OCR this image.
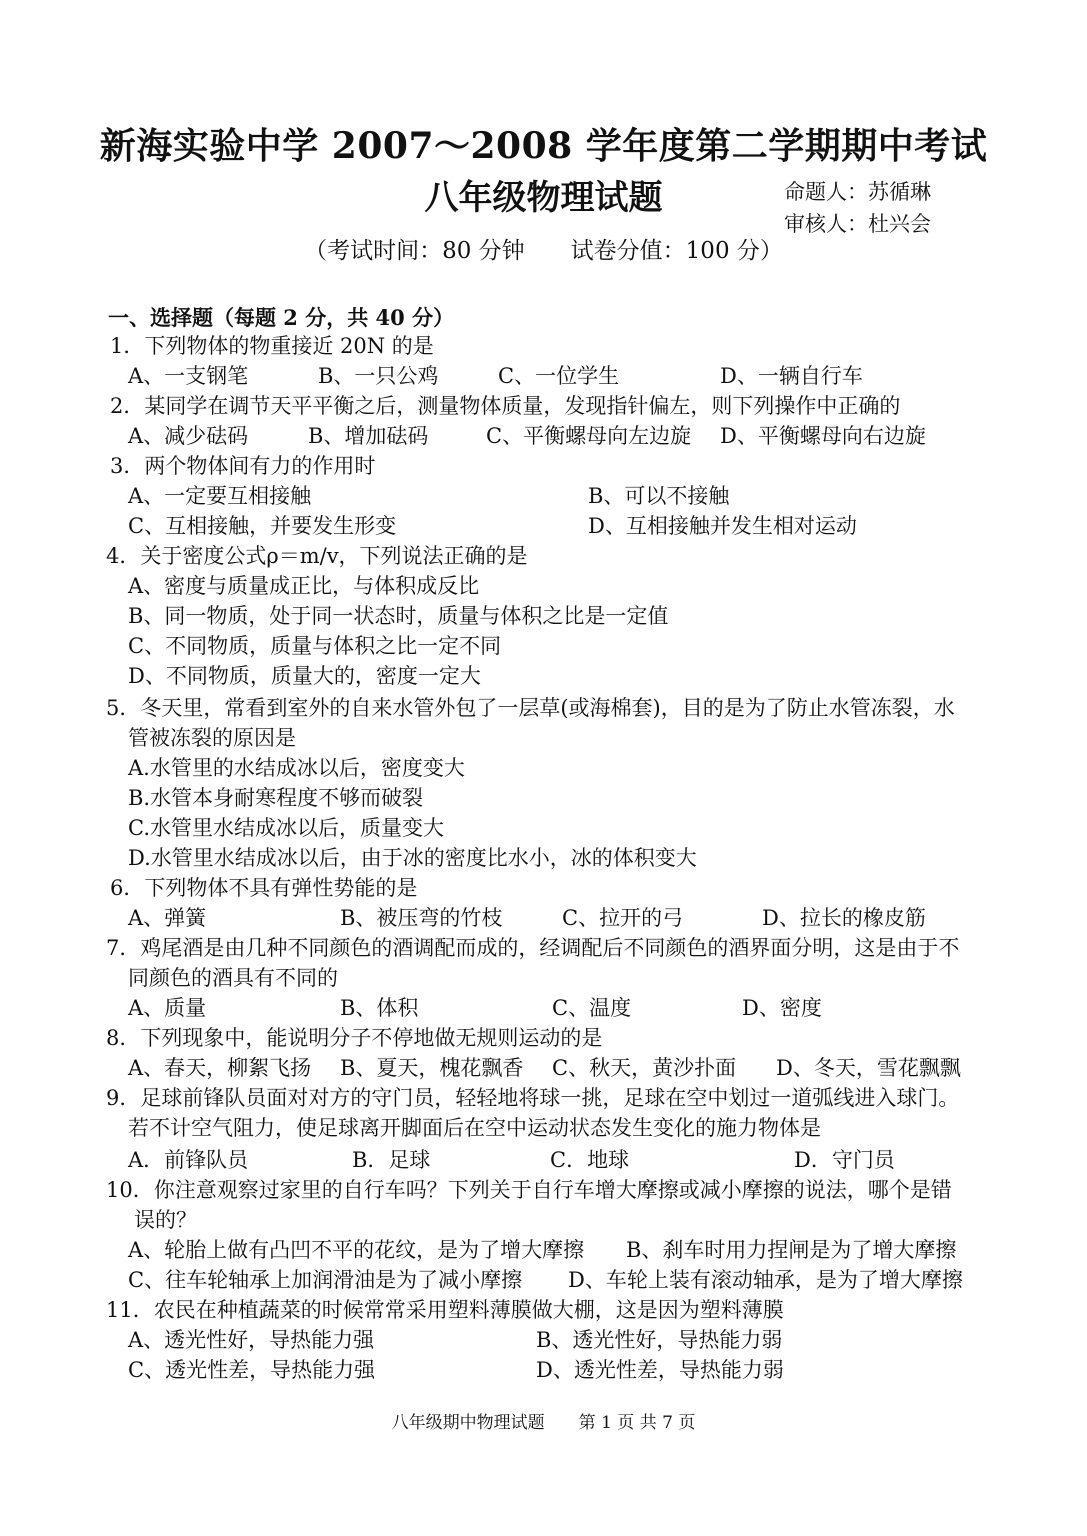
新海实验中学 2007～2008 学年度第二学期期中考试
八年级物理试题	命题人：苏循琳
审核人：杜兴会
（考试时间：80 分钟　　试卷分值：100 分）
一、选择题（每题 2 分，共 40 分）
1．下列物体的物重接近 20N 的是
A、一支钢笔	B、一只公鸡	C、一位学生	D、一辆自行车
2．某同学在调节天平平衡之后，测量物体质量，发现指针偏左，则下列操作中正确的
A、减少砝码	B、增加砝码	C、平衡螺母向左边旋 D、平衡螺母向右边旋
3．两个物体间有力的作用时
A、一定要互相接触	B、可以不接触
C、互相接触，并要发生形变	D、互相接触并发生相对运动
4．关于密度公式ρ＝m/v，下列说法正确的是
A、密度与质量成正比，与体积成反比
B、同一物质，处于同一状态时，质量与体积之比是一定值
C、不同物质，质量与体积之比一定不同
D、不同物质，质量大的，密度一定大
5．冬天里，常看到室外的自来水管外包了一层草(或海棉套)，目的是为了防止水管冻裂，水
管被冻裂的原因是
A.水管里的水结成冰以后，密度变大
B.水管本身耐寒程度不够而破裂
C.水管里水结成冰以后，质量变大
D.水管里水结成冰以后，由于冰的密度比水小，冰的体积变大
6．下列物体不具有弹性势能的是
A、弹簧	B、被压弯的竹枝	C、拉开的弓	D、拉长的橡皮筋
7．鸡尾酒是由几种不同颜色的酒调配而成的，经调配后不同颜色的酒界面分明，这是由于不
同颜色的酒具有不同的
A、质量	B、体积	C、温度	D、密度
8．下列现象中，能说明分子不停地做无规则运动的是
A、春天，柳絮飞扬 B、夏天，槐花飘香 C、秋天，黄沙扑面 D、冬天，雪花飘飘
9．足球前锋队员面对对方的守门员，轻轻地将球一挑，足球在空中划过一道弧线进入球门。
若不计空气阻力，使足球离开脚面后在空中运动状态发生变化的施力物体是
A．前锋队员	B．足球	C．地球	D．守门员
10．你注意观察过家里的自行车吗？下列关于自行车增大摩擦或减小摩擦的说法，哪个是错
误的？
A、轮胎上做有凸凹不平的花纹，是为了增大摩擦 B、刹车时用力捏闸是为了增大摩擦
C、往车轮轴承上加润滑油是为了减小摩擦 D、车轮上装有滚动轴承，是为了增大摩擦
11．农民在种植蔬菜的时候常常采用塑料薄膜做大棚，这是因为塑料薄膜
A、透光性好，导热能力强	B、透光性好，导热能力弱
C、透光性差，导热能力强	D、透光性差，导热能力弱
八年级期中物理试题　　第 1 页 共 7 页
